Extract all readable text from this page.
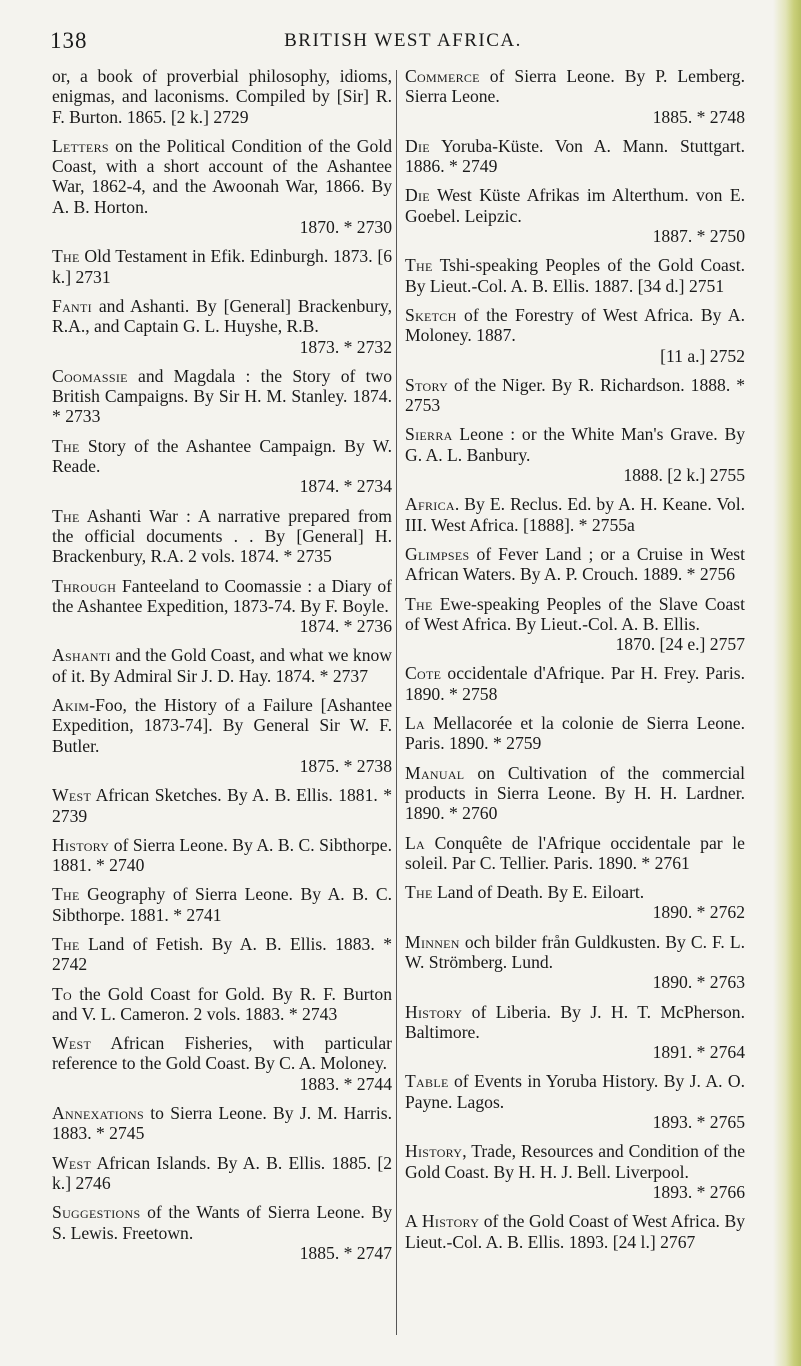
138	BRITISH WEST AFRICA.
or, a book of proverbial philosophy, idioms, enigmas, and laconisms. Compiled by [Sir] R. F. Burton. 1865. [2 k.] 2729
Letters on the Political Condition of the Gold Coast, with a short account of the Ashantee War, 1862-4, and the Awoonah War, 1866. By A. B. Horton.
1870. * 2730
The Old Testament in Efik. Edinburgh. 1873. [6 k.] 2731
Fanti and Ashanti. By [General] Brackenbury, R.A., and Captain G. L. Huyshe, R.B.
1873. * 2732
Coomassie and Magdala : the Story of two British Campaigns. By Sir H. M. Stanley. 1874. * 2733
The Story of the Ashantee Campaign. By W. Reade.
1874. * 2734
The Ashanti War : A narrative prepared from the official documents . . By [General] H. Brackenbury, R.A. 2 vols. 1874. * 2735
Through Fanteeland to Coomassie : a Diary of the Ashantee Expedition, 1873-74. By F. Boyle.
1874. * 2736
Ashanti and the Gold Coast, and what we know of it. By Admiral Sir J. D. Hay. 1874. * 2737
Akim-Foo, the History of a Failure [Ashantee Expedition, 1873-74]. By General Sir W. F. Butler.
1875. * 2738
West African Sketches. By A. B. Ellis. 1881. * 2739
History of Sierra Leone. By A. B. C. Sibthorpe. 1881. * 2740
The Geography of Sierra Leone. By A. B. C. Sibthorpe. 1881. * 2741
The Land of Fetish. By A. B. Ellis. 1883. * 2742
To the Gold Coast for Gold. By R. F. Burton and V. L. Cameron. 2 vols. 1883. * 2743
West African Fisheries, with particular reference to the Gold Coast. By C. A. Moloney.
1883. * 2744
Annexations to Sierra Leone. By J. M. Harris. 1883. * 2745
West African Islands. By A. B. Ellis. 1885. [2 k.] 2746
Suggestions of the Wants of Sierra Leone. By S. Lewis. Freetown.
1885. * 2747
Commerce of Sierra Leone. By P. Lemberg. Sierra Leone.
1885. * 2748
Die Yoruba-Küste. Von A. Mann. Stuttgart. 1886. * 2749
Die West Küste Afrikas im Alterthum. von E. Goebel. Leipzic.
1887. * 2750
The Tshi-speaking Peoples of the Gold Coast. By Lieut.-Col. A. B. Ellis. 1887. [34 d.] 2751
Sketch of the Forestry of West Africa. By A. Moloney. 1887.
[11 a.] 2752
Story of the Niger. By R. Richardson. 1888. * 2753
Sierra Leone : or the White Man's Grave. By G. A. L. Banbury.
1888. [2 k.] 2755
Africa. By E. Reclus. Ed. by A. H. Keane. Vol. III. West Africa. [1888]. * 2755a
Glimpses of Fever Land ; or a Cruise in West African Waters. By A. P. Crouch. 1889. * 2756
The Ewe-speaking Peoples of the Slave Coast of West Africa. By Lieut.-Col. A. B. Ellis.
1870. [24 e.] 2757
Cote occidentale d'Afrique. Par H. Frey. Paris. 1890. * 2758
La Mellacorée et la colonie de Sierra Leone. Paris. 1890. * 2759
Manual on Cultivation of the commercial products in Sierra Leone. By H. H. Lardner. 1890. * 2760
La Conquête de l'Afrique occidentale par le soleil. Par C. Tellier. Paris. 1890. * 2761
The Land of Death. By E. Eiloart.
1890. * 2762
Minnen och bilder från Guldkusten. By C. F. L. W. Strömberg. Lund.
1890. * 2763
History of Liberia. By J. H. T. McPherson. Baltimore.
1891. * 2764
Table of Events in Yoruba History. By J. A. O. Payne. Lagos.
1893. * 2765
History, Trade, Resources and Condition of the Gold Coast. By H. H. J. Bell. Liverpool.
1893. * 2766
A History of the Gold Coast of West Africa. By Lieut.-Col. A. B. Ellis. 1893. [24 l.] 2767
